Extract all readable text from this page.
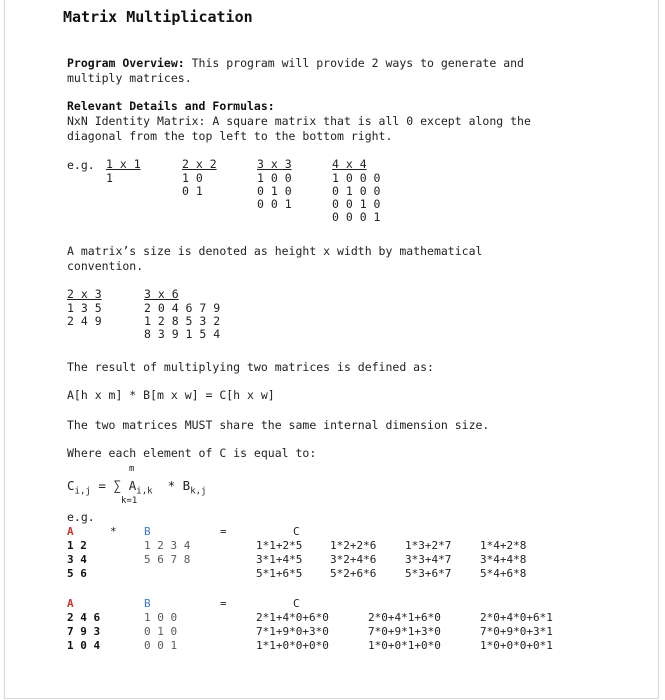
Matrix Multiplication
Program Overview: This program will provide 2 ways to generate and
multiply matrices.
Relevant Details and Formulas:
NxN Identity Matrix: A square matrix that is all 0 except along the
diagonal from the top left to the bottom right.
e.g. 1 x 1
1
2 x 2
1 0
0 1
3 x 3
1 0 0
0 1 0
0 0 1
4 x 4
1 0 0 0
0 1 0 0
0 0 1 0
0 0 0 1
A matrix’s size is denoted as height x width by mathematical
convention.
2 x 3
1 3 5
2 4 9
3 x 6
2 0 4 6 7 9
1 2 8 5 3 2
8 3 9 1 5 4
The result of multiplying two matrices is defined as:
A[h x m] * B[m x w] = C[h x w]
The two matrices MUST share the same internal dimension size.
Where each element of C is equal to:
m
$C_{i,j}$ = ∑ $A_{i,k} * B_{k,j}$
k=1
e.g.
A
1 2
3 4
5 6
* B
1 2 3 4
5 6 7 8
=	C
1*1+2*5	1*2+2*6	1*3+2*7	1*4+2*8
3*1+4*5	3*2+4*6	3*3+4*7	3*4+4*8
5*1+6*5	5*2+6*6	5*3+6*7	5*4+6*8
A
2 4 6
7 9 3
1 0 4
B
1 0 0
0 1 0
0 0 1
=	C
2*1+4*0+6*0	2*0+4*1+6*0	2*0+4*0+6*1
7*1+9*0+3*0	7*0+9*1+3*0	7*0+9*0+3*1
1*1+0*0+0*0	1*0+0*1+0*0	1*0+0*0+0*1
